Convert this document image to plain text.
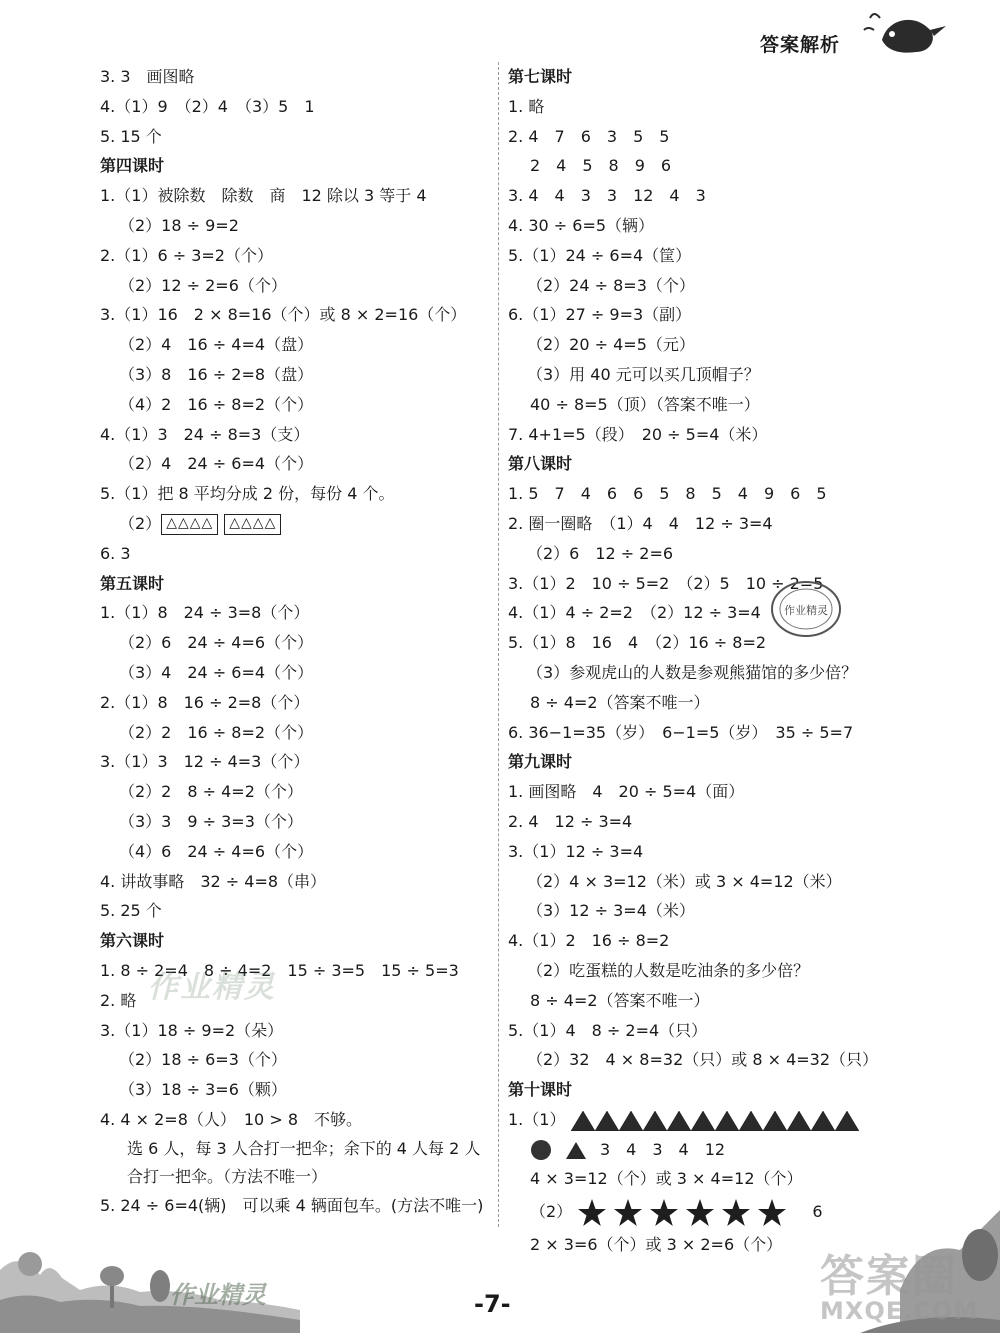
答案解析
3. 3　画图略
4.（1）9　（2）4　（3）5　1
5. 15 个
第四课时
1.（1）被除数　除数　商　12 除以 3 等于 4
（2）18 ÷ 9=2
2.（1）6 ÷ 3=2（个）
（2）12 ÷ 2=6（个）
3.（1）16　2 × 8=16（个）或 8 × 2=16（个）
（2）4　16 ÷ 4=4（盘）
（3）8　16 ÷ 2=8（盘）
（4）2　16 ÷ 8=2（个）
4.（1）3　24 ÷ 8=3（支）
（2）4　24 ÷ 6=4（个）
5.（1）把 8 平均分成 2 份，每份 4 个。
（2） △△△△ △△△△
6. 3
第五课时
1.（1）8　24 ÷ 3=8（个）
（2）6　24 ÷ 4=6（个）
（3）4　24 ÷ 6=4（个）
2.（1）8　16 ÷ 2=8（个）
（2）2　16 ÷ 8=2（个）
3.（1）3　12 ÷ 4=3（个）
（2）2　8 ÷ 4=2（个）
（3）3　9 ÷ 3=3（个）
（4）6　24 ÷ 4=6（个）
4. 讲故事略　32 ÷ 4=8（串）
5. 25 个
第六课时
1. 8 ÷ 2=4　8 ÷ 4=2　15 ÷ 3=5　15 ÷ 5=3
2. 略
3.（1）18 ÷ 9=2（朵）
（2）18 ÷ 6=3（个）
（3）18 ÷ 3=6（颗）
4. 4 × 2=8（人）　10 > 8　不够。
选 6 人，每 3 人合打一把伞；余下的 4 人每 2 人合打一把伞。（方法不唯一）
5. 24 ÷ 6=4(辆)　可以乘 4 辆面包车。(方法不唯一)
第七课时
1. 略
2. 4　7　6　3　5　5
2　4　5　8　9　6
3. 4　4　3　3　12　4　3
4. 30 ÷ 6=5（辆）
5.（1）24 ÷ 6=4（筐）
（2）24 ÷ 8=3（个）
6.（1）27 ÷ 9=3（副）
（2）20 ÷ 4=5（元）
（3）用 40 元可以买几顶帽子？
40 ÷ 8=5（顶）（答案不唯一）
7. 4+1=5（段）　20 ÷ 5=4（米）
第八课时
1. 5　7　4　6　6　5　8　5　4　9　6　5
2. 圈一圈略　（1）4　4　12 ÷ 3=4
（2）6　12 ÷ 2=6
3.（1）2　10 ÷ 5=2　（2）5　10 ÷ 2=5
4.（1）4 ÷ 2=2　（2）12 ÷ 3=4
5.（1）8　16　4　（2）16 ÷ 8=2
（3）参观虎山的人数是参观熊猫馆的多少倍？
8 ÷ 4=2（答案不唯一）
6. 36−1=35（岁）　6−1=5（岁）　35 ÷ 5=7
第九课时
1. 画图略　4　20 ÷ 5=4（面）
2. 4　12 ÷ 3=4
3.（1）12 ÷ 3=4
（2）4 × 3=12（米）或 3 × 4=12（米）
（3）12 ÷ 3=4（米）
4.（1）2　16 ÷ 8=2
（2）吃蛋糕的人数是吃油条的多少倍？
8 ÷ 4=2（答案不唯一）
5.（1）4　8 ÷ 2=4（只）
（2）32　4 × 8=32（只）或 8 × 4=32（只）
第十课时
1.（1）
3　4　3　4　12
4 × 3=12（个）或 3 × 4=12（个）
（2）	6
2 × 3=6（个）或 3 × 2=6（个）
作业精灵
作业精灵
作业精灵	答案圈
MXQE.COM
-7-
